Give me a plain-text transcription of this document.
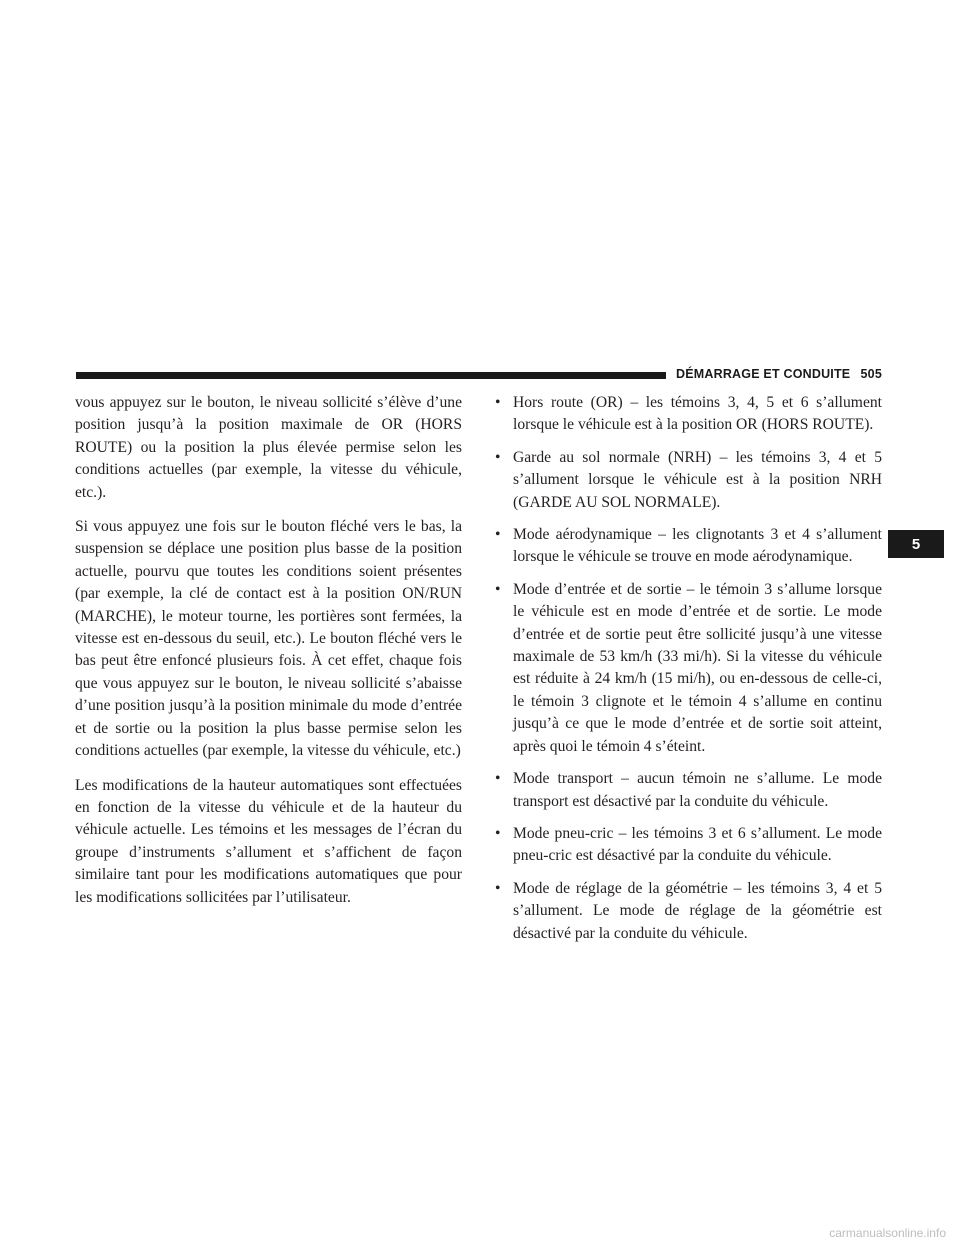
DÉMARRAGE ET CONDUITE 505
5

vous appuyez sur le bouton, le niveau sollicité s’élève d’une position jusqu’à la position maximale de OR (HORS ROUTE) ou la position la plus élevée permise selon les conditions actuelles (par exemple, la vitesse du véhicule, etc.).

Si vous appuyez une fois sur le bouton fléché vers le bas, la suspension se déplace une position plus basse de la position actuelle, pourvu que toutes les conditions soient présentes (par exemple, la clé de contact est à la position ON/RUN (MARCHE), le moteur tourne, les portières sont fermées, la vitesse est en-dessous du seuil, etc.). Le bouton fléché vers le bas peut être enfoncé plusieurs fois. À cet effet, chaque fois que vous appuyez sur le bouton, le niveau sollicité s’abaisse d’une position jusqu’à la position minimale du mode d’entrée et de sortie ou la position la plus basse permise selon les conditions actuelles (par exemple, la vitesse du véhicule, etc.)

Les modifications de la hauteur automatiques sont effectuées en fonction de la vitesse du véhicule et de la hauteur du véhicule actuelle. Les témoins et les messages de l’écran du groupe d’instruments s’allument et s’affichent de façon similaire tant pour les modifications automatiques que pour les modifications sollicitées par l’utilisateur.

• Hors route (OR) – les témoins 3, 4, 5 et 6 s’allument lorsque le véhicule est à la position OR (HORS ROUTE).
• Garde au sol normale (NRH) – les témoins 3, 4 et 5 s’allument lorsque le véhicule est à la position NRH (GARDE AU SOL NORMALE).
• Mode aérodynamique – les clignotants 3 et 4 s’allument lorsque le véhicule se trouve en mode aérodynamique.
• Mode d’entrée et de sortie – le témoin 3 s’allume lorsque le véhicule est en mode d’entrée et de sortie. Le mode d’entrée et de sortie peut être sollicité jusqu’à une vitesse maximale de 53 km/h (33 mi/h). Si la vitesse du véhicule est réduite à 24 km/h (15 mi/h), ou en-dessous de celle-ci, le témoin 3 clignote et le témoin 4 s’allume en continu jusqu’à ce que le mode d’entrée et de sortie soit atteint, après quoi le témoin 4 s’éteint.
• Mode transport – aucun témoin ne s’allume. Le mode transport est désactivé par la conduite du véhicule.
• Mode pneu-cric – les témoins 3 et 6 s’allument. Le mode pneu-cric est désactivé par la conduite du véhicule.
• Mode de réglage de la géométrie – les témoins 3, 4 et 5 s’allument. Le mode de réglage de la géométrie est désactivé par la conduite du véhicule.
carmanualsonline.info
